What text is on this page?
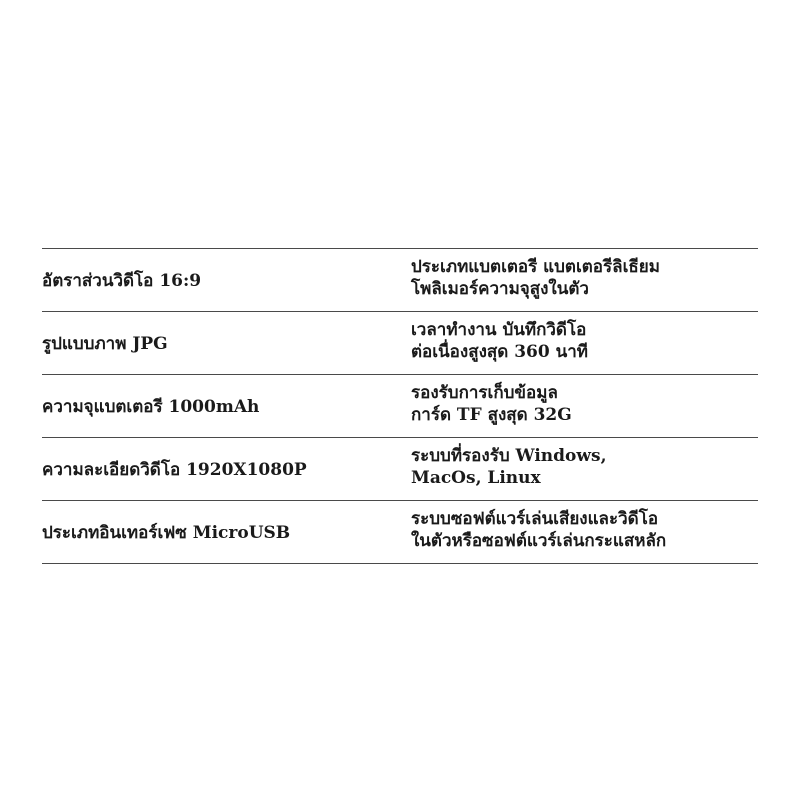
อัตราส่วนวิดีโอ 16:9
ประเภทแบตเตอรี แบตเตอรีลิเธียม
โพลิเมอร์ความจุสูงในตัว
รูปแบบภาพ JPG
เวลาทำงาน บันทึกวิดีโอ
ต่อเนื่องสูงสุด 360 นาที
ความจุแบตเตอรี 1000mAh
รองรับการเก็บข้อมูล
การ์ด TF สูงสุด 32G
ความละเอียดวิดีโอ 1920X1080P
ระบบที่รองรับ Windows,
MacOs, Linux
ประเภทอินเทอร์เฟซ MicroUSB
ระบบซอฟต์แวร์เล่นเสียงและวิดีโอ
ในตัวหรือซอฟต์แวร์เล่นกระแสหลัก
